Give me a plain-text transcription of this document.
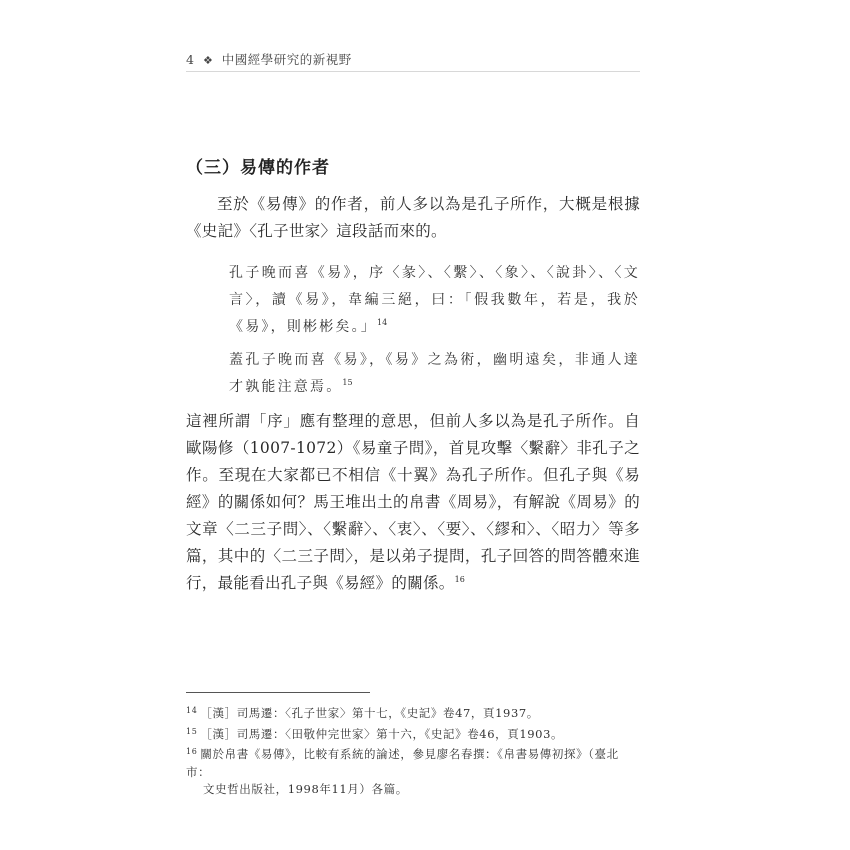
4 ❖ 中國經學研究的新視野
（三）易傳的作者
至於《易傳》的作者，前人多以為是孔子所作，大概是根據《史記》〈孔子世家〉這段話而來的。
孔子晚而喜《易》，序〈彖〉、〈繫〉、〈象〉、〈說卦〉、〈文言〉，讀《易》，韋編三絕，曰：「假我數年，若是，我於《易》，則彬彬矣。」$^{14}$
蓋孔子晚而喜《易》，《易》之為術，幽明遠矣，非通人達才孰能注意焉。$^{15}$
這裡所謂「序」應有整理的意思，但前人多以為是孔子所作。自歐陽修（1007-1072）《易童子問》，首見攻擊〈繫辭〉非孔子之作。至現在大家都已不相信《十翼》為孔子所作。但孔子與《易經》的關係如何？馬王堆出土的帛書《周易》，有解說《周易》的文章〈二三子問〉、〈繫辭〉、〈衷〉、〈要〉、〈繆和〉、〈昭力〉等多篇，其中的〈二三子問〉，是以弟子提問，孔子回答的問答體來進行，最能看出孔子與《易經》的關係。$^{16}$
$^{14}$ ［漢］司馬遷：〈孔子世家〉第十七，《史記》卷47，頁1937。
$^{15}$ ［漢］司馬遷：〈田敬仲完世家〉第十六，《史記》卷46，頁1903。
$^{16}$ 關於帛書《易傳》，比較有系統的論述，參見廖名春撰：《帛書易傳初探》（臺北市：
文史哲出版社，1998年11月）各篇。
